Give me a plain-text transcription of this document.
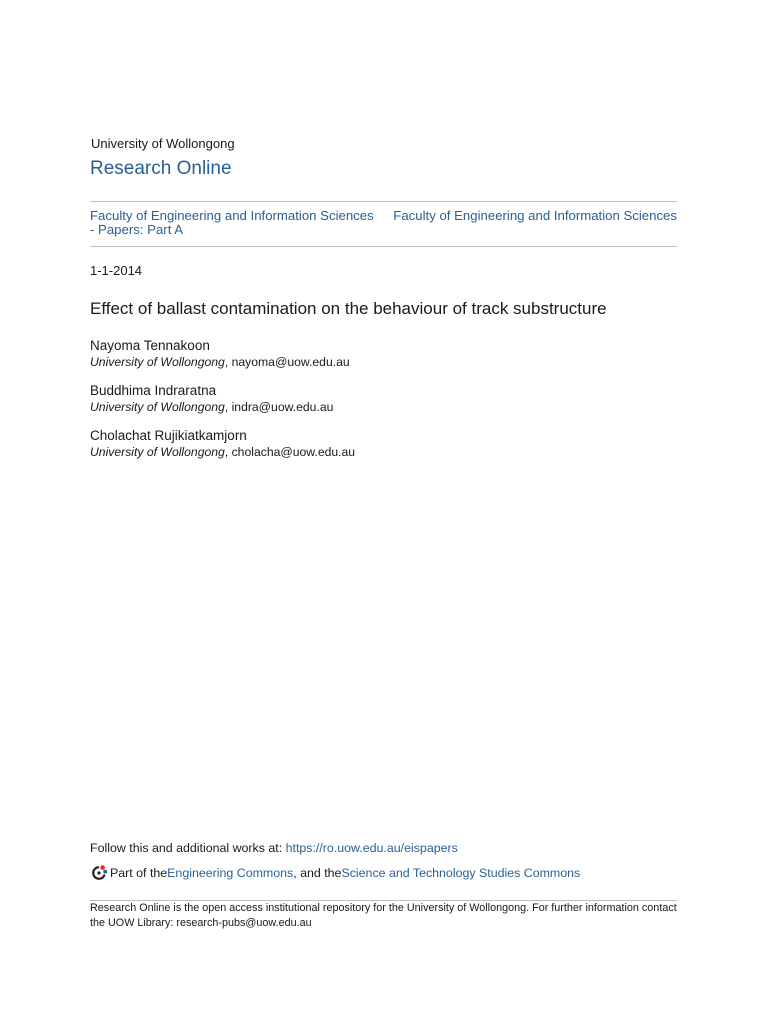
University of Wollongong
Research Online
Faculty of Engineering and Information Sciences - Papers: Part A
Faculty of Engineering and Information Sciences
1-1-2014
Effect of ballast contamination on the behaviour of track substructure
Nayoma Tennakoon
University of Wollongong, nayoma@uow.edu.au
Buddhima Indraratna
University of Wollongong, indra@uow.edu.au
Cholachat Rujikiatkamjorn
University of Wollongong, cholacha@uow.edu.au
Follow this and additional works at: https://ro.uow.edu.au/eispapers
Part of the Engineering Commons , and the Science and Technology Studies Commons
Research Online is the open access institutional repository for the University of Wollongong. For further information contact the UOW Library: research-pubs@uow.edu.au
